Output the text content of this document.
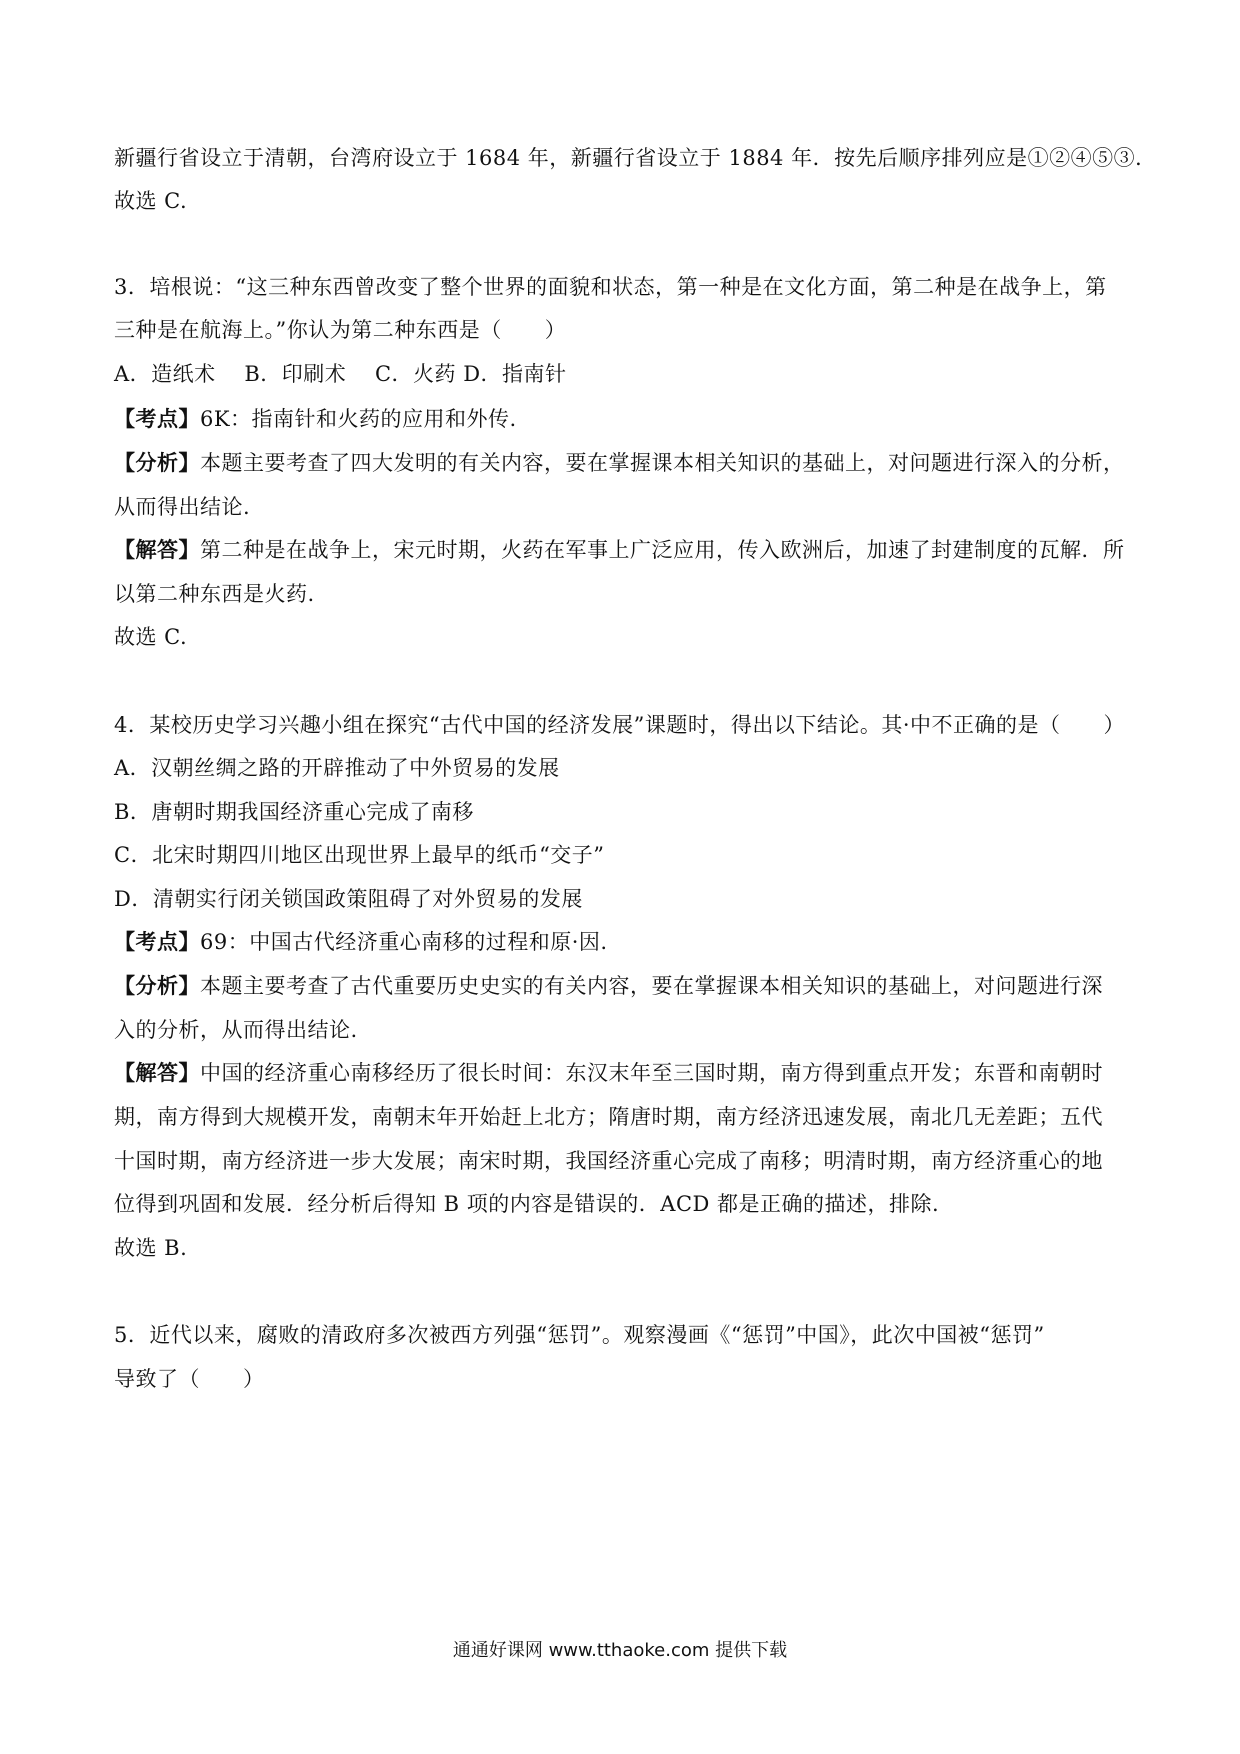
新疆行省设立于清朝，台湾府设立于 1684 年，新疆行省设立于 1884 年．按先后顺序排列应是①②④⑤③．
故选 C.
3．培根说：“这三种东西曾改变了整个世界的面貌和状态，第一种是在文化方面，第二种是在战争上，第
三种是在航海上。”你认为第二种东西是（　　）
A．造纸术　 B．印刷术　 C．火药 D．指南针
【考点】6K：指南针和火药的应用和外传.
【分析】本题主要考查了四大发明的有关内容，要在掌握课本相关知识的基础上，对问题进行深入的分析，
从而得出结论.
【解答】第二种是在战争上，宋元时期，火药在军事上广泛应用，传入欧洲后，加速了封建制度的瓦解．所
以第二种东西是火药.
故选 C.
4．某校历史学习兴趣小组在探究“古代中国的经济发展”课题时，得出以下结论。其·中不正确的是（　　）
A．汉朝丝绸之路的开辟推动了中外贸易的发展
B．唐朝时期我国经济重心完成了南移
C．北宋时期四川地区出现世界上最早的纸币“交子”
D．清朝实行闭关锁国政策阻碍了对外贸易的发展
【考点】69：中国古代经济重心南移的过程和原·因.
【分析】本题主要考查了古代重要历史史实的有关内容，要在掌握课本相关知识的基础上，对问题进行深
入的分析，从而得出结论.
【解答】中国的经济重心南移经历了很长时间：东汉末年至三国时期，南方得到重点开发；东晋和南朝时
期，南方得到大规模开发，南朝末年开始赶上北方；隋唐时期，南方经济迅速发展，南北几无差距；五代
十国时期，南方经济进一步大发展；南宋时期，我国经济重心完成了南移；明清时期，南方经济重心的地
位得到巩固和发展．经分析后得知 B 项的内容是错误的．ACD 都是正确的描述，排除.
故选 B.
5．近代以来，腐败的清政府多次被西方列强“惩罚”。观察漫画《“惩罚”中国》，此次中国被“惩罚”
导致了（　　）
通通好课网 www.tthaoke.com 提供下载
